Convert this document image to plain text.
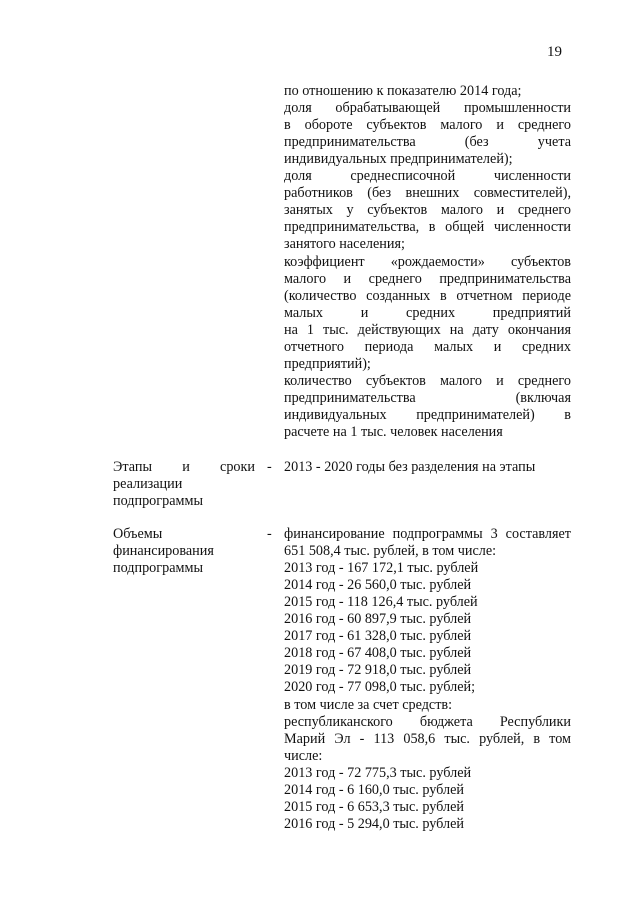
19
по отношению к показателю 2014 года;
доля обрабатывающей промышленности
в обороте субъектов малого и среднего
предпринимательства (без учета
индивидуальных предпринимателей);
доля среднесписочной численности
работников (без внешних совместителей),
занятых у субъектов малого и среднего
предпринимательства, в общей численности
занятого населения;
коэффициент «рождаемости» субъектов
малого и среднего предпринимательства
(количество созданных в отчетном периоде
малых и средних предприятий
на 1 тыс. действующих на дату окончания
отчетного периода малых и средних
предприятий);
количество субъектов малого и среднего
предпринимательства (включая
индивидуальных предпринимателей) в
расчете на 1 тыс. человек населения
Этапы и сроки
реализации
подпрограммы
- 2013 - 2020 годы без разделения на этапы
Объемы
финансирования
подпрограммы
- финансирование подпрограммы 3 составляет
651 508,4 тыс. рублей, в том числе:
2013 год - 167 172,1 тыс. рублей
2014 год - 26 560,0 тыс. рублей
2015 год - 118 126,4 тыс. рублей
2016 год - 60 897,9 тыс. рублей
2017 год - 61 328,0 тыс. рублей
2018 год - 67 408,0 тыс. рублей
2019 год - 72 918,0 тыс. рублей
2020 год - 77 098,0 тыс. рублей;
в том числе за счет средств:
республиканского бюджета Республики
Марий Эл - 113 058,6 тыс. рублей, в том
числе:
2013 год - 72 775,3 тыс. рублей
2014 год - 6 160,0 тыс. рублей
2015 год - 6 653,3 тыс. рублей
2016 год - 5 294,0 тыс. рублей
